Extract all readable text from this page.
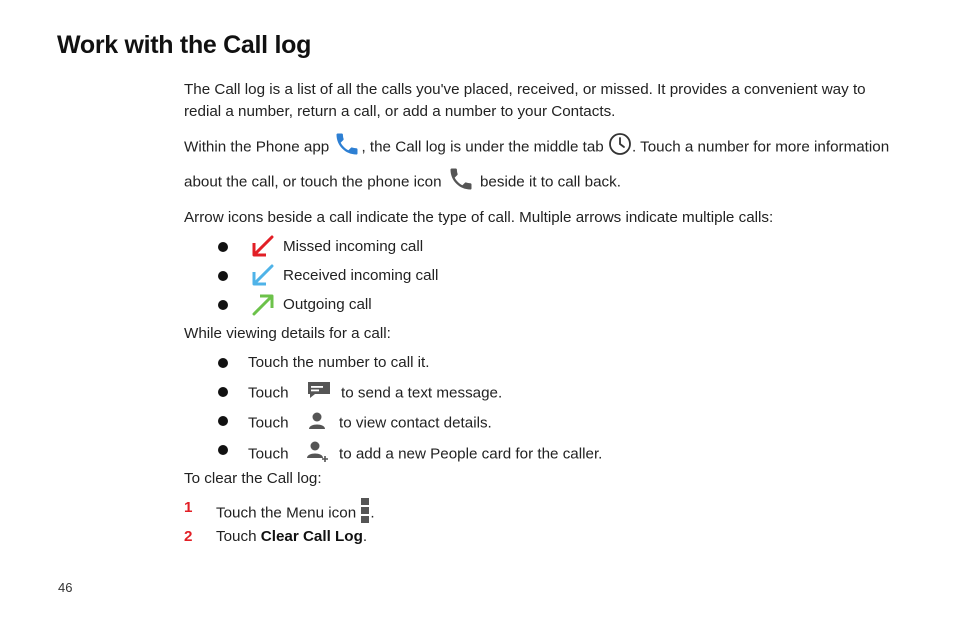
Work with the Call log

The Call log is a list of all the calls you've placed, received, or missed. It provides a convenient way to redial a number, return a call, or add a number to your Contacts.

Within the Phone app , the Call log is under the middle tab . Touch a number for more information about the call, or touch the phone icon  beside it to call back.

Arrow icons beside a call indicate the type of call. Multiple arrows indicate multiple calls:

Missed incoming call
Received incoming call
Outgoing call

While viewing details for a call:

Touch the number to call it.
Touch	to send a text message.
Touch	to view contact details.
Touch	to add a new People card for the caller.

To clear the Call log:

1 Touch the Menu icon .
2 Touch Clear Call Log.
46
